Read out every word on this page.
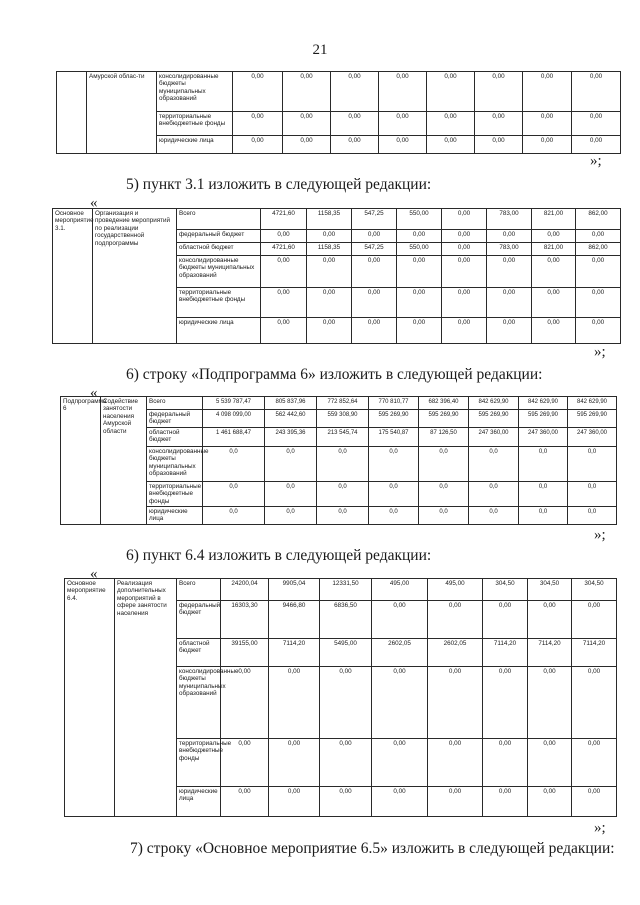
21
	Амурской облас-ти	консолидированные бюджеты муниципальных образований	0,00	0,00	0,00	0,00	0,00	0,00	0,00	0,00
		территориальные внебюджетные фонды	0,00	0,00	0,00	0,00	0,00	0,00	0,00	0,00
		юридические лица	0,00	0,00	0,00	0,00	0,00	0,00	0,00	0,00
»;
5) пункт 3.1 изложить в следующей редакции:
«
Основное мероприятие 3.1.	Организация и проведение мероприятий по реализации государственной подпрограммы	Всего	4721,60	1158,35	547,25	550,00	0,00	783,00	821,00	862,00
		федеральный бюджет	0,00	0,00	0,00	0,00	0,00	0,00	0,00	0,00
		областной бюджет	4721,60	1158,35	547,25	550,00	0,00	783,00	821,00	862,00
		консолидированные бюджеты муниципальных образований	0,00	0,00	0,00	0,00	0,00	0,00	0,00	0,00
		территориальные внебюджетные фонды	0,00	0,00	0,00	0,00	0,00	0,00	0,00	0,00
		юридические лица	0,00	0,00	0,00	0,00	0,00	0,00	0,00	0,00
»;
6) строку «Подпрограмма 6» изложить в следующей редакции:
«
Подпрограмма 6	Содействие занятости населения Амурской области	Всего	5 539 787,47	805 837,96	772 852,64	770 810,77	682 396,40	842 629,90	842 629,90	842 629,90
		федеральный бюджет	4 098 099,00	562 442,60	559 308,90	595 269,90	595 269,90	595 269,90	595 269,90	595 269,90
		областной бюджет	1 461 688,47	243 395,36	213 545,74	175 540,87	87 126,50	247 360,00	247 360,00	247 360,00
		консолидированные бюджеты муниципальных образований	0,0	0,0	0,0	0,0	0,0	0,0	0,0	0,0
		территориальные внебюджетные фонды	0,0	0,0	0,0	0,0	0,0	0,0	0,0	0,0
		юридические лица	0,0	0,0	0,0	0,0	0,0	0,0	0,0	0,0
»;
6) пункт 6.4 изложить в следующей редакции:
«
Основное мероприятие 6.4.	Реализация дополнительных мероприятий в сфере занятости населения	Всего	24200,04	9905,04	12331,50	495,00	495,00	304,50	304,50	304,50
		федеральный бюджет	16303,30	9466,80	6836,50	0,00	0,00	0,00	0,00	0,00
		областной бюджет	39155,00	7114,20	5495,00	2602,05	2602,05	7114,20	7114,20	7114,20
		консолидированные бюджеты муниципальных образований	0,00	0,00	0,00	0,00	0,00	0,00	0,00	0,00
		территориальные внебюджетные фонды	0,00	0,00	0,00	0,00	0,00	0,00	0,00	0,00
		юридические лица	0,00	0,00	0,00	0,00	0,00	0,00	0,00	0,00
»;
7) строку «Основное мероприятие 6.5» изложить в следующей редакции:
